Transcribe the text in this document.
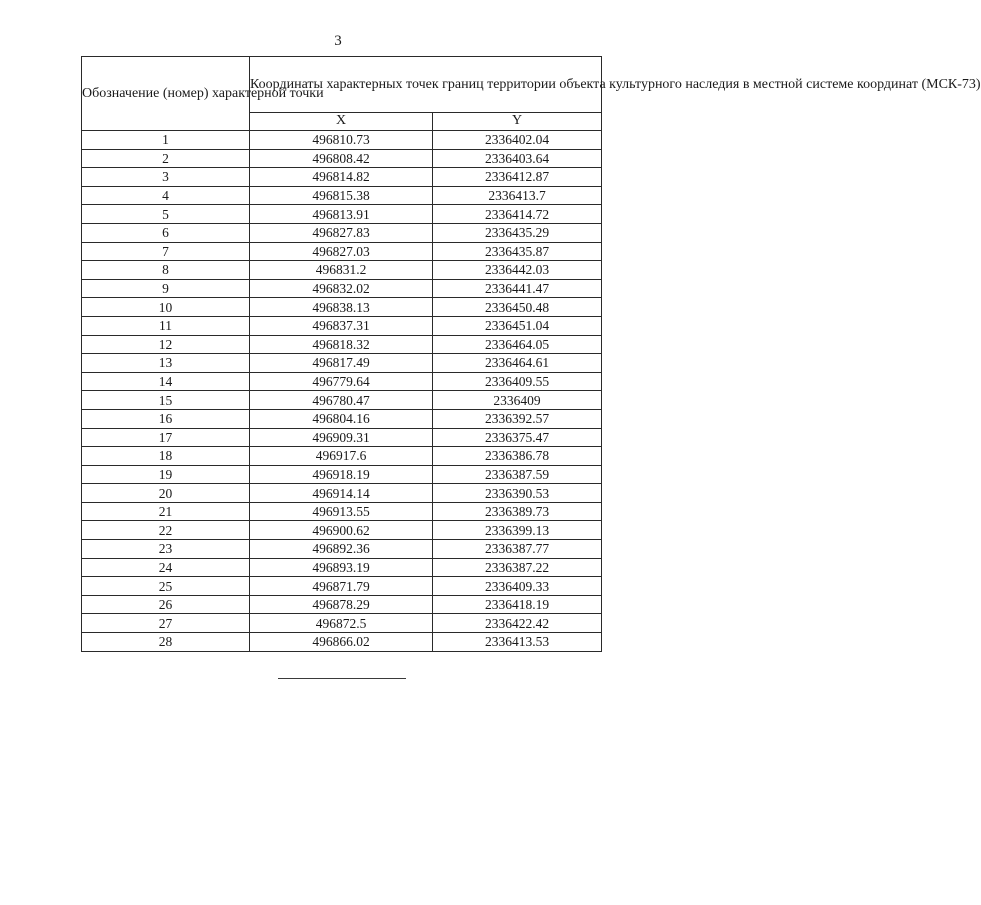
3
Обозначение (номер) характерной точки	Координаты характерных точек границ территории объекта культурного наследия в местной системе координат (МСК-73)	
	X	Y
1	496810.73	2336402.04
2	496808.42	2336403.64
3	496814.82	2336412.87
4	496815.38	2336413.7
5	496813.91	2336414.72
6	496827.83	2336435.29
7	496827.03	2336435.87
8	496831.2	2336442.03
9	496832.02	2336441.47
10	496838.13	2336450.48
11	496837.31	2336451.04
12	496818.32	2336464.05
13	496817.49	2336464.61
14	496779.64	2336409.55
15	496780.47	2336409
16	496804.16	2336392.57
17	496909.31	2336375.47
18	496917.6	2336386.78
19	496918.19	2336387.59
20	496914.14	2336390.53
21	496913.55	2336389.73
22	496900.62	2336399.13
23	496892.36	2336387.77
24	496893.19	2336387.22
25	496871.79	2336409.33
26	496878.29	2336418.19
27	496872.5	2336422.42
28	496866.02	2336413.53
